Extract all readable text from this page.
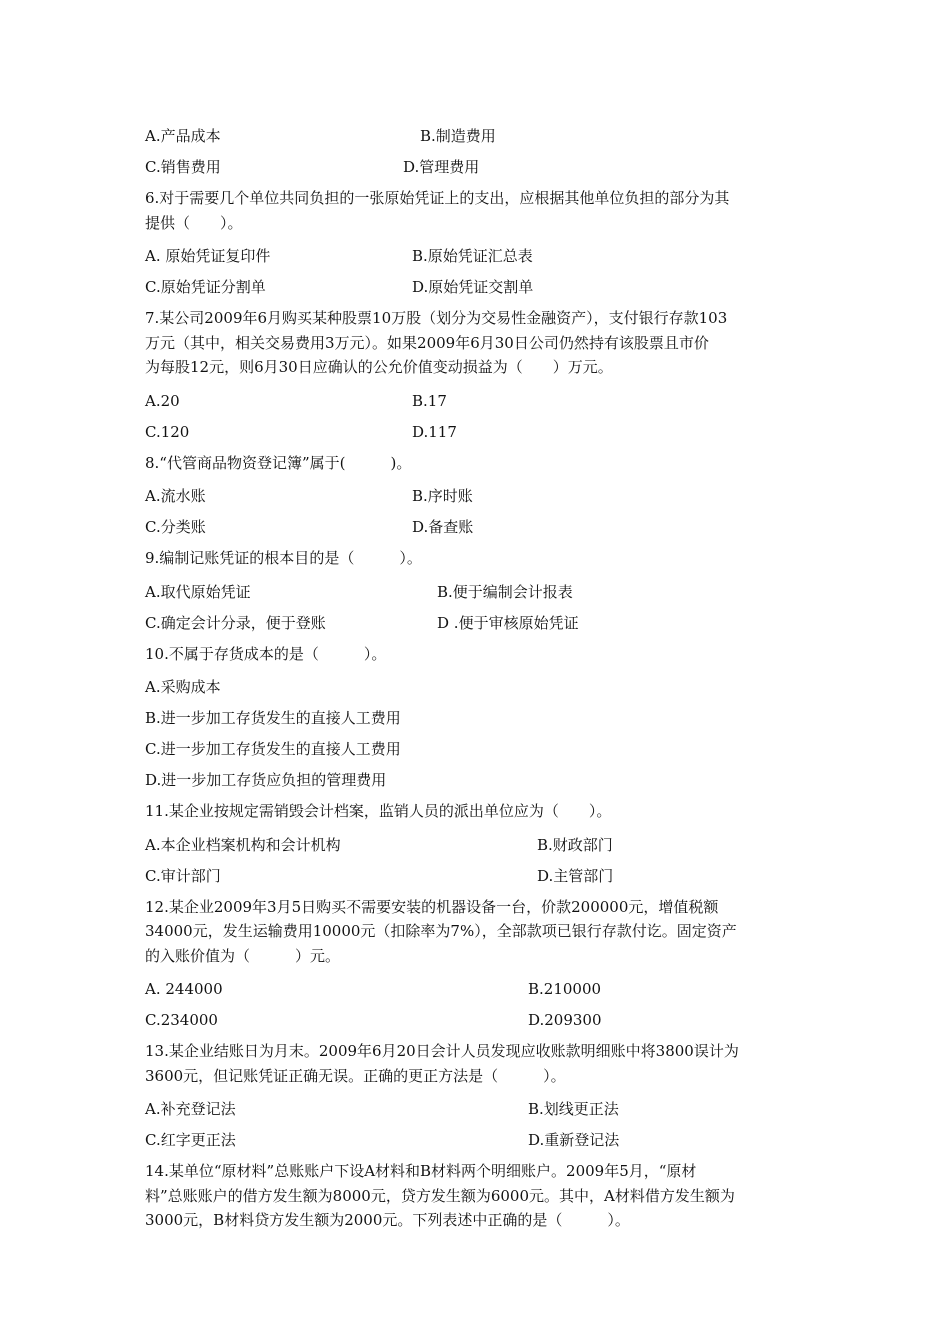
A.产品成本	B.制造费用
C.销售费用	D.管理费用
6.对于需要几个单位共同负担的一张原始凭证上的支出，应根据其他单位负担的部分为其
提供（　　）。
A. 原始凭证复印件	B.原始凭证汇总表
C.原始凭证分割单	D.原始凭证交割单
7.某公司2009年6月购买某种股票10万股（划分为交易性金融资产），支付银行存款103
万元（其中，相关交易费用3万元）。如果2009年6月30日公司仍然持有该股票且市价
为每股12元，则6月30日应确认的公允价值变动损益为（　　）万元。
A.20	B.17
C.120	D.117
8.“代管商品物资登记簿”属于(　　　)。
A.流水账	B.序时账
C.分类账	D.备查账
9.编制记账凭证的根本目的是（　　　）。
A.取代原始凭证	B.便于编制会计报表
C.确定会计分录，便于登账	D .便于审核原始凭证
10.不属于存货成本的是（　　　）。
A.采购成本
B.进一步加工存货发生的直接人工费用
C.进一步加工存货发生的直接人工费用
D.进一步加工存货应负担的管理费用
11.某企业按规定需销毁会计档案，监销人员的派出单位应为（　　）。
A.本企业档案机构和会计机构	B.财政部门
C.审计部门	D.主管部门
12.某企业2009年3月5日购买不需要安装的机器设备一台，价款200000元，增值税额
34000元，发生运输费用10000元（扣除率为7%），全部款项已银行存款付讫。固定资产
的入账价值为（　　　）元。
A. 244000	B.210000
C.234000	D.209300
13.某企业结账日为月末。2009年6月20日会计人员发现应收账款明细账中将3800误计为
3600元，但记账凭证正确无误。正确的更正方法是（　　　）。
A.补充登记法	B.划线更正法
C.红字更正法	D.重新登记法
14.某单位“原材料”总账账户下设A材料和B材料两个明细账户。2009年5月，“原材
料”总账账户的借方发生额为8000元，贷方发生额为6000元。其中，A材料借方发生额为
3000元，B材料贷方发生额为2000元。下列表述中正确的是（　　　）。
